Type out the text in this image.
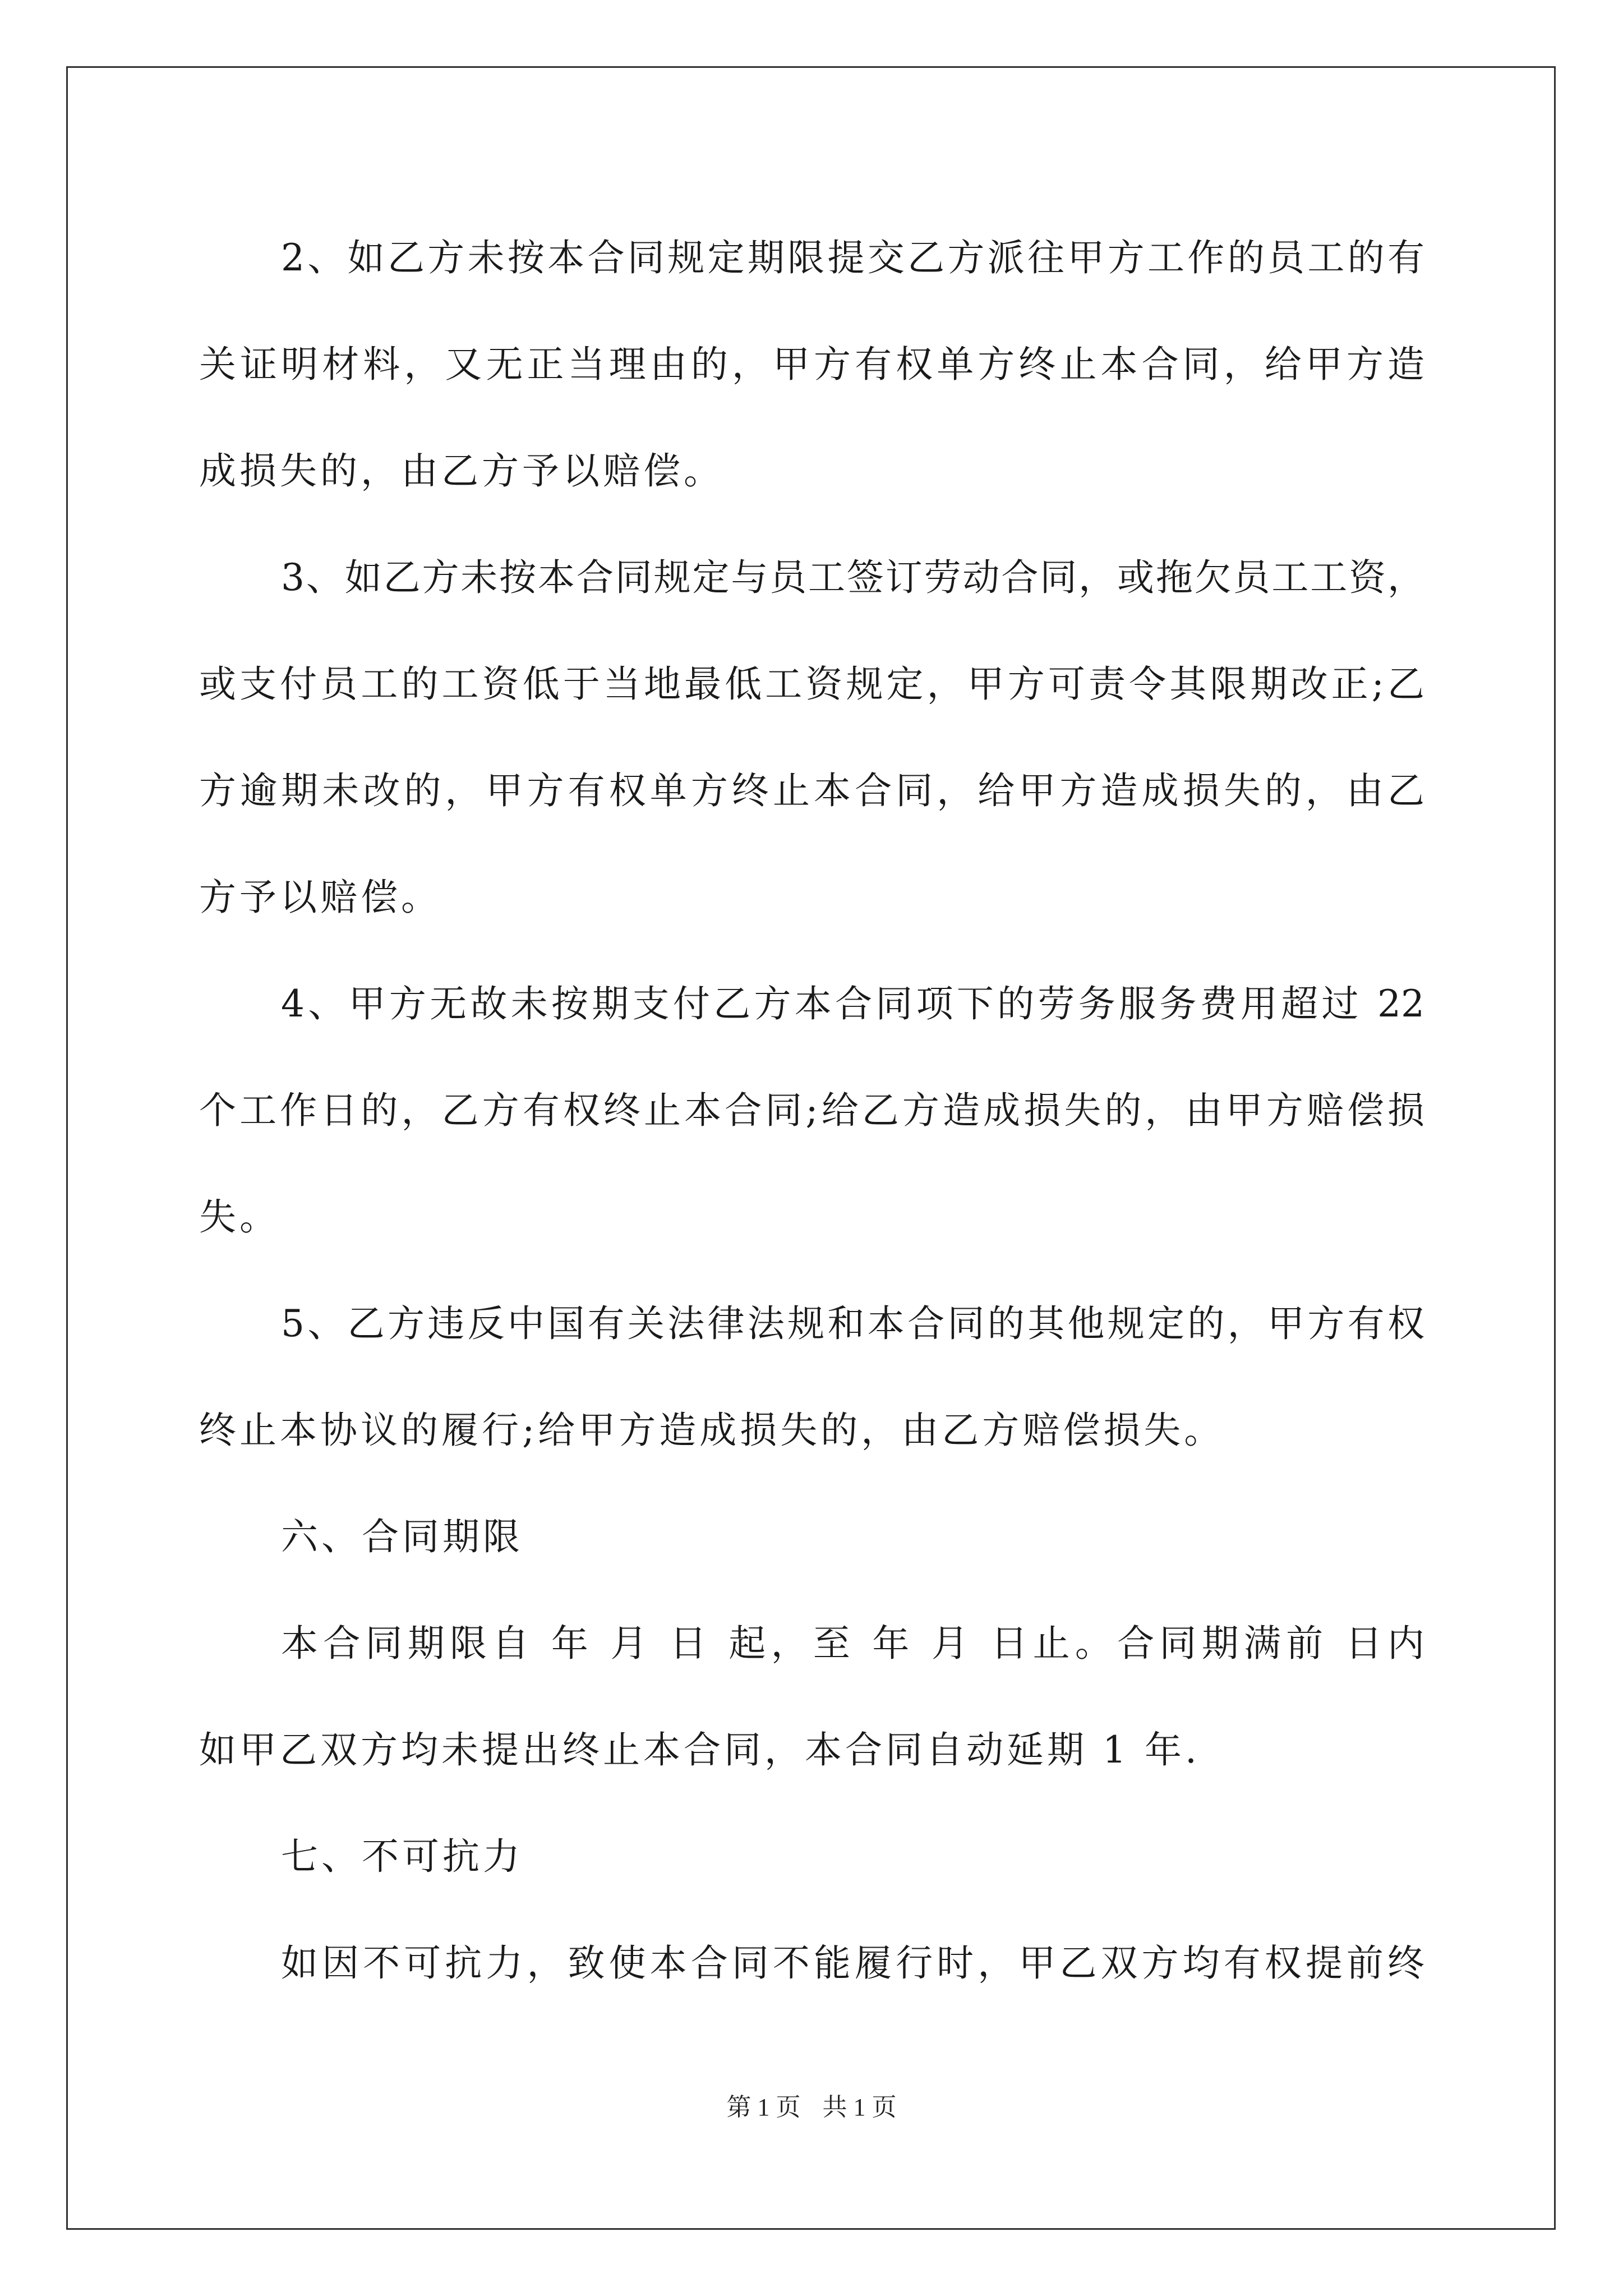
2、如乙方未按本合同规定期限提交乙方派往甲方工作的员工的有
关证明材料，又无正当理由的，甲方有权单方终止本合同，给甲方造
成损失的，由乙方予以赔偿。
3、如乙方未按本合同规定与员工签订劳动合同，或拖欠员工工资，
或支付员工的工资低于当地最低工资规定，甲方可责令其限期改正;乙
方逾期未改的，甲方有权单方终止本合同，给甲方造成损失的，由乙
方予以赔偿。
4、甲方无故未按期支付乙方本合同项下的劳务服务费用超过 22
个工作日的，乙方有权终止本合同;给乙方造成损失的，由甲方赔偿损
失。
5、乙方违反中国有关法律法规和本合同的其他规定的，甲方有权
终止本协议的履行;给甲方造成损失的，由乙方赔偿损失。
六、合同期限
本合同期限自 年 月 日 起，至 年 月 日止。合同期满前 日内
如甲乙双方均未提出终止本合同，本合同自动延期 1 年.
七、不可抗力
如因不可抗力，致使本合同不能履行时，甲乙双方均有权提前终
第 1 页 共 1 页
